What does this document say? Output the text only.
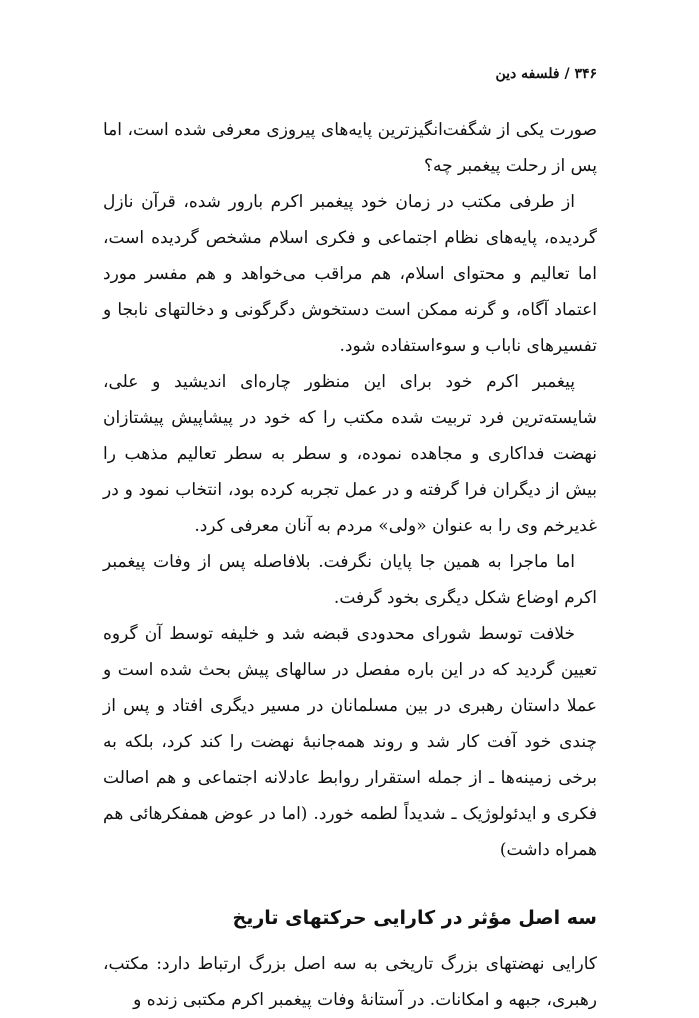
۳۴۶ / فلسفه دین

صورت یکی از شگفت‌انگیزترین پایه‌های پیروزی معرفی شده است، اما پس از رحلت پیغمبر چه؟

از طرفی مکتب در زمان خود پیغمبر اکرم بارور شده، قرآن نازل گردیده، پایه‌های نظام اجتماعی و فکری اسلام مشخص گردیده است، اما تعالیم و محتوای اسلام، هم مراقب می‌خواهد و هم مفسر مورد اعتماد آگاه، و گرنه ممکن است دستخوش دگرگونی و دخالتهای نابجا و تفسیرهای ناباب و سوءاستفاده شود.

پیغمبر اکرم خود برای این منظور چاره‌ای اندیشید و علی، شایسته‌ترین فرد تربیت شده مکتب را که خود در پیشاپیش پیشتازان نهضت فداکاری و مجاهده نموده، و سطر به سطر تعالیم مذهب را بیش از دیگران فرا گرفته و در عمل تجربه کرده بود، انتخاب نمود و در غدیرخم وی را به عنوان «ولی» مردم به آنان معرفی کرد.

اما ماجرا به همین جا پایان نگرفت. بلافاصله پس از وفات پیغمبر اکرم اوضاع شکل دیگری بخود گرفت.

خلافت توسط شورای محدودی قبضه شد و خلیفه توسط آن گروه تعیین گردید که در این باره مفصل در سالهای پیش بحث شده است و عملا داستان رهبری در بین مسلمانان در مسیر دیگری افتاد و پس از چندی خود آفت کار شد و روند همه‌جانبهٔ نهضت را کند کرد، بلکه به برخی زمینه‌ها ـ از جمله استقرار روابط عادلانه اجتماعی و هم اصالت فکری و ایدئولوژیک ـ شدیداً لطمه خورد. (اما در عوض همفکرهائی هم همراه داشت)

سه اصل مؤثر در کارایی حرکتهای تاریخ

کارایی نهضتهای بزرگ تاریخی به سه اصل بزرگ ارتباط دارد: مکتب، رهبری، جبهه و امکانات. در آستانهٔ وفات پیغمبر اکرم مکتبی زنده و
